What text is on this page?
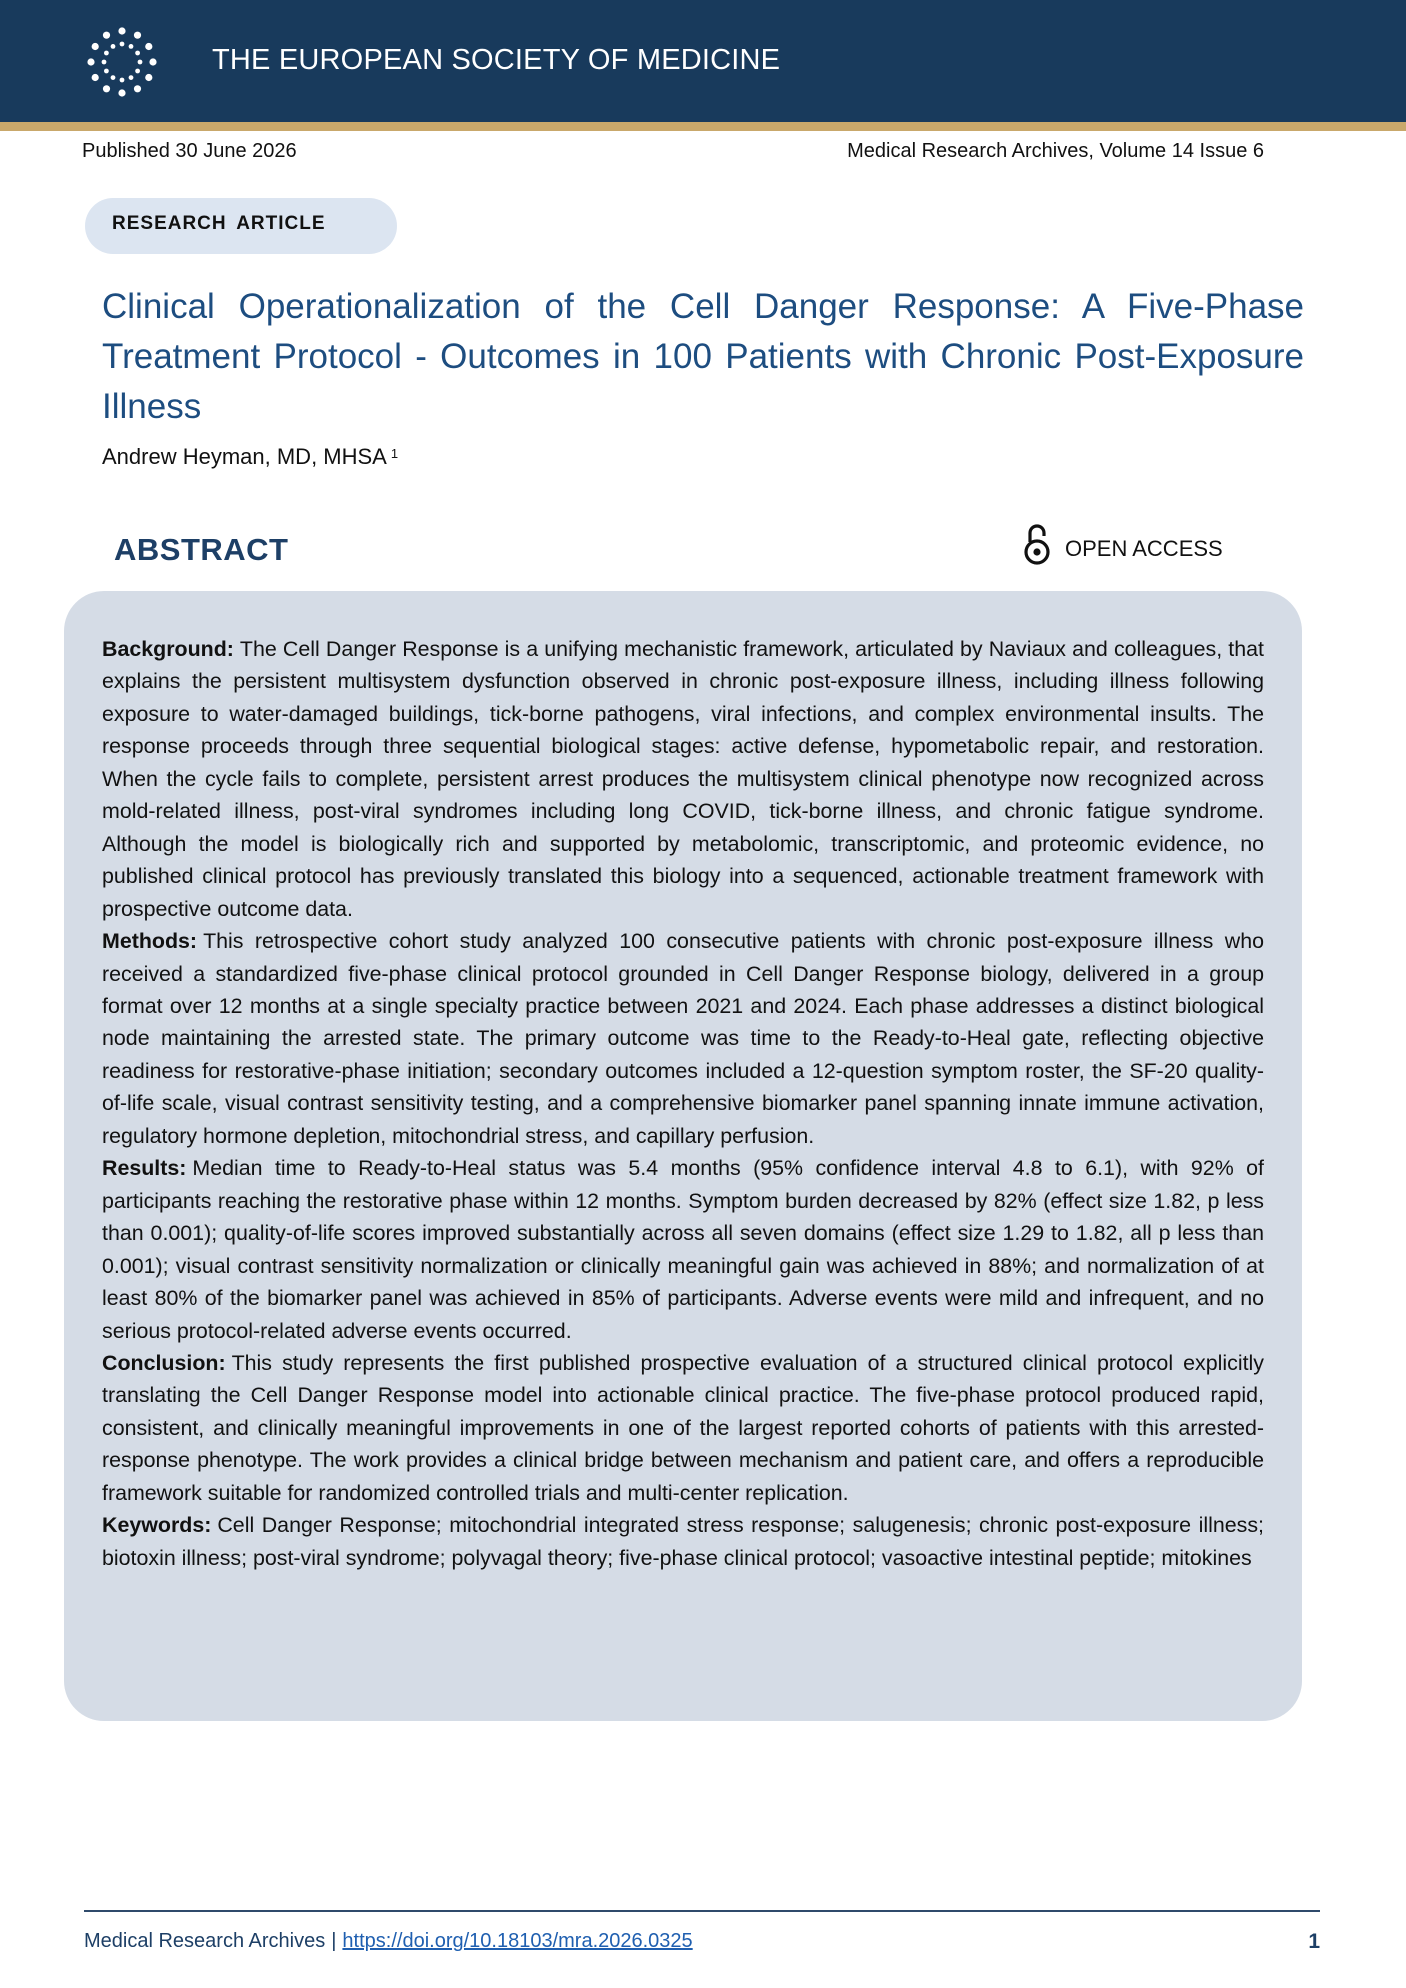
THE EUROPEAN SOCIETY OF MEDICINE
Published 30 June 2026	Medical Research Archives, Volume 14 Issue 6
RESEARCH ARTICLE
Clinical Operationalization of the Cell Danger Response: A Five-Phase Treatment Protocol - Outcomes in 100 Patients with Chronic Post-Exposure Illness
Andrew Heyman, MD, MHSA $^1$
ABSTRACT	OPEN ACCESS

Background: The Cell Danger Response is a unifying mechanistic framework, articulated by Naviaux and colleagues, that explains the persistent multisystem dysfunction observed in chronic post-exposure illness, including illness following exposure to water-damaged buildings, tick-borne pathogens, viral infections, and complex environmental insults. The response proceeds through three sequential biological stages: active defense, hypometabolic repair, and restoration. When the cycle fails to complete, persistent arrest produces the multisystem clinical phenotype now recognized across mold-related illness, post-viral syndromes including long COVID, tick-borne illness, and chronic fatigue syndrome. Although the model is biologically rich and supported by metabolomic, transcriptomic, and proteomic evidence, no published clinical protocol has previously translated this biology into a sequenced, actionable treatment framework with prospective outcome data.

Methods: This retrospective cohort study analyzed 100 consecutive patients with chronic post-exposure illness who received a standardized five-phase clinical protocol grounded in Cell Danger Response biology, delivered in a group format over 12 months at a single specialty practice between 2021 and 2024. Each phase addresses a distinct biological node maintaining the arrested state. The primary outcome was time to the Ready-to-Heal gate, reflecting objective readiness for restorative-phase initiation; secondary outcomes included a 12-question symptom roster, the SF-20 quality-of-life scale, visual contrast sensitivity testing, and a comprehensive biomarker panel spanning innate immune activation, regulatory hormone depletion, mitochondrial stress, and capillary perfusion.

Results: Median time to Ready-to-Heal status was 5.4 months (95% confidence interval 4.8 to 6.1), with 92% of participants reaching the restorative phase within 12 months. Symptom burden decreased by 82% (effect size 1.82, p less than 0.001); quality-of-life scores improved substantially across all seven domains (effect size 1.29 to 1.82, all p less than 0.001); visual contrast sensitivity normalization or clinically meaningful gain was achieved in 88%; and normalization of at least 80% of the biomarker panel was achieved in 85% of participants. Adverse events were mild and infrequent, and no serious protocol-related adverse events occurred.

Conclusion: This study represents the first published prospective evaluation of a structured clinical protocol explicitly translating the Cell Danger Response model into actionable clinical practice. The five-phase protocol produced rapid, consistent, and clinically meaningful improvements in one of the largest reported cohorts of patients with this arrested-response phenotype. The work provides a clinical bridge between mechanism and patient care, and offers a reproducible framework suitable for randomized controlled trials and multi-center replication.

Keywords: Cell Danger Response; mitochondrial integrated stress response; salugenesis; chronic post-exposure illness; biotoxin illness; post-viral syndrome; polyvagal theory; five-phase clinical protocol; vasoactive intestinal peptide; mitokines

Medical Research Archives | https://doi.org/10.18103/mra.2026.0325	1
